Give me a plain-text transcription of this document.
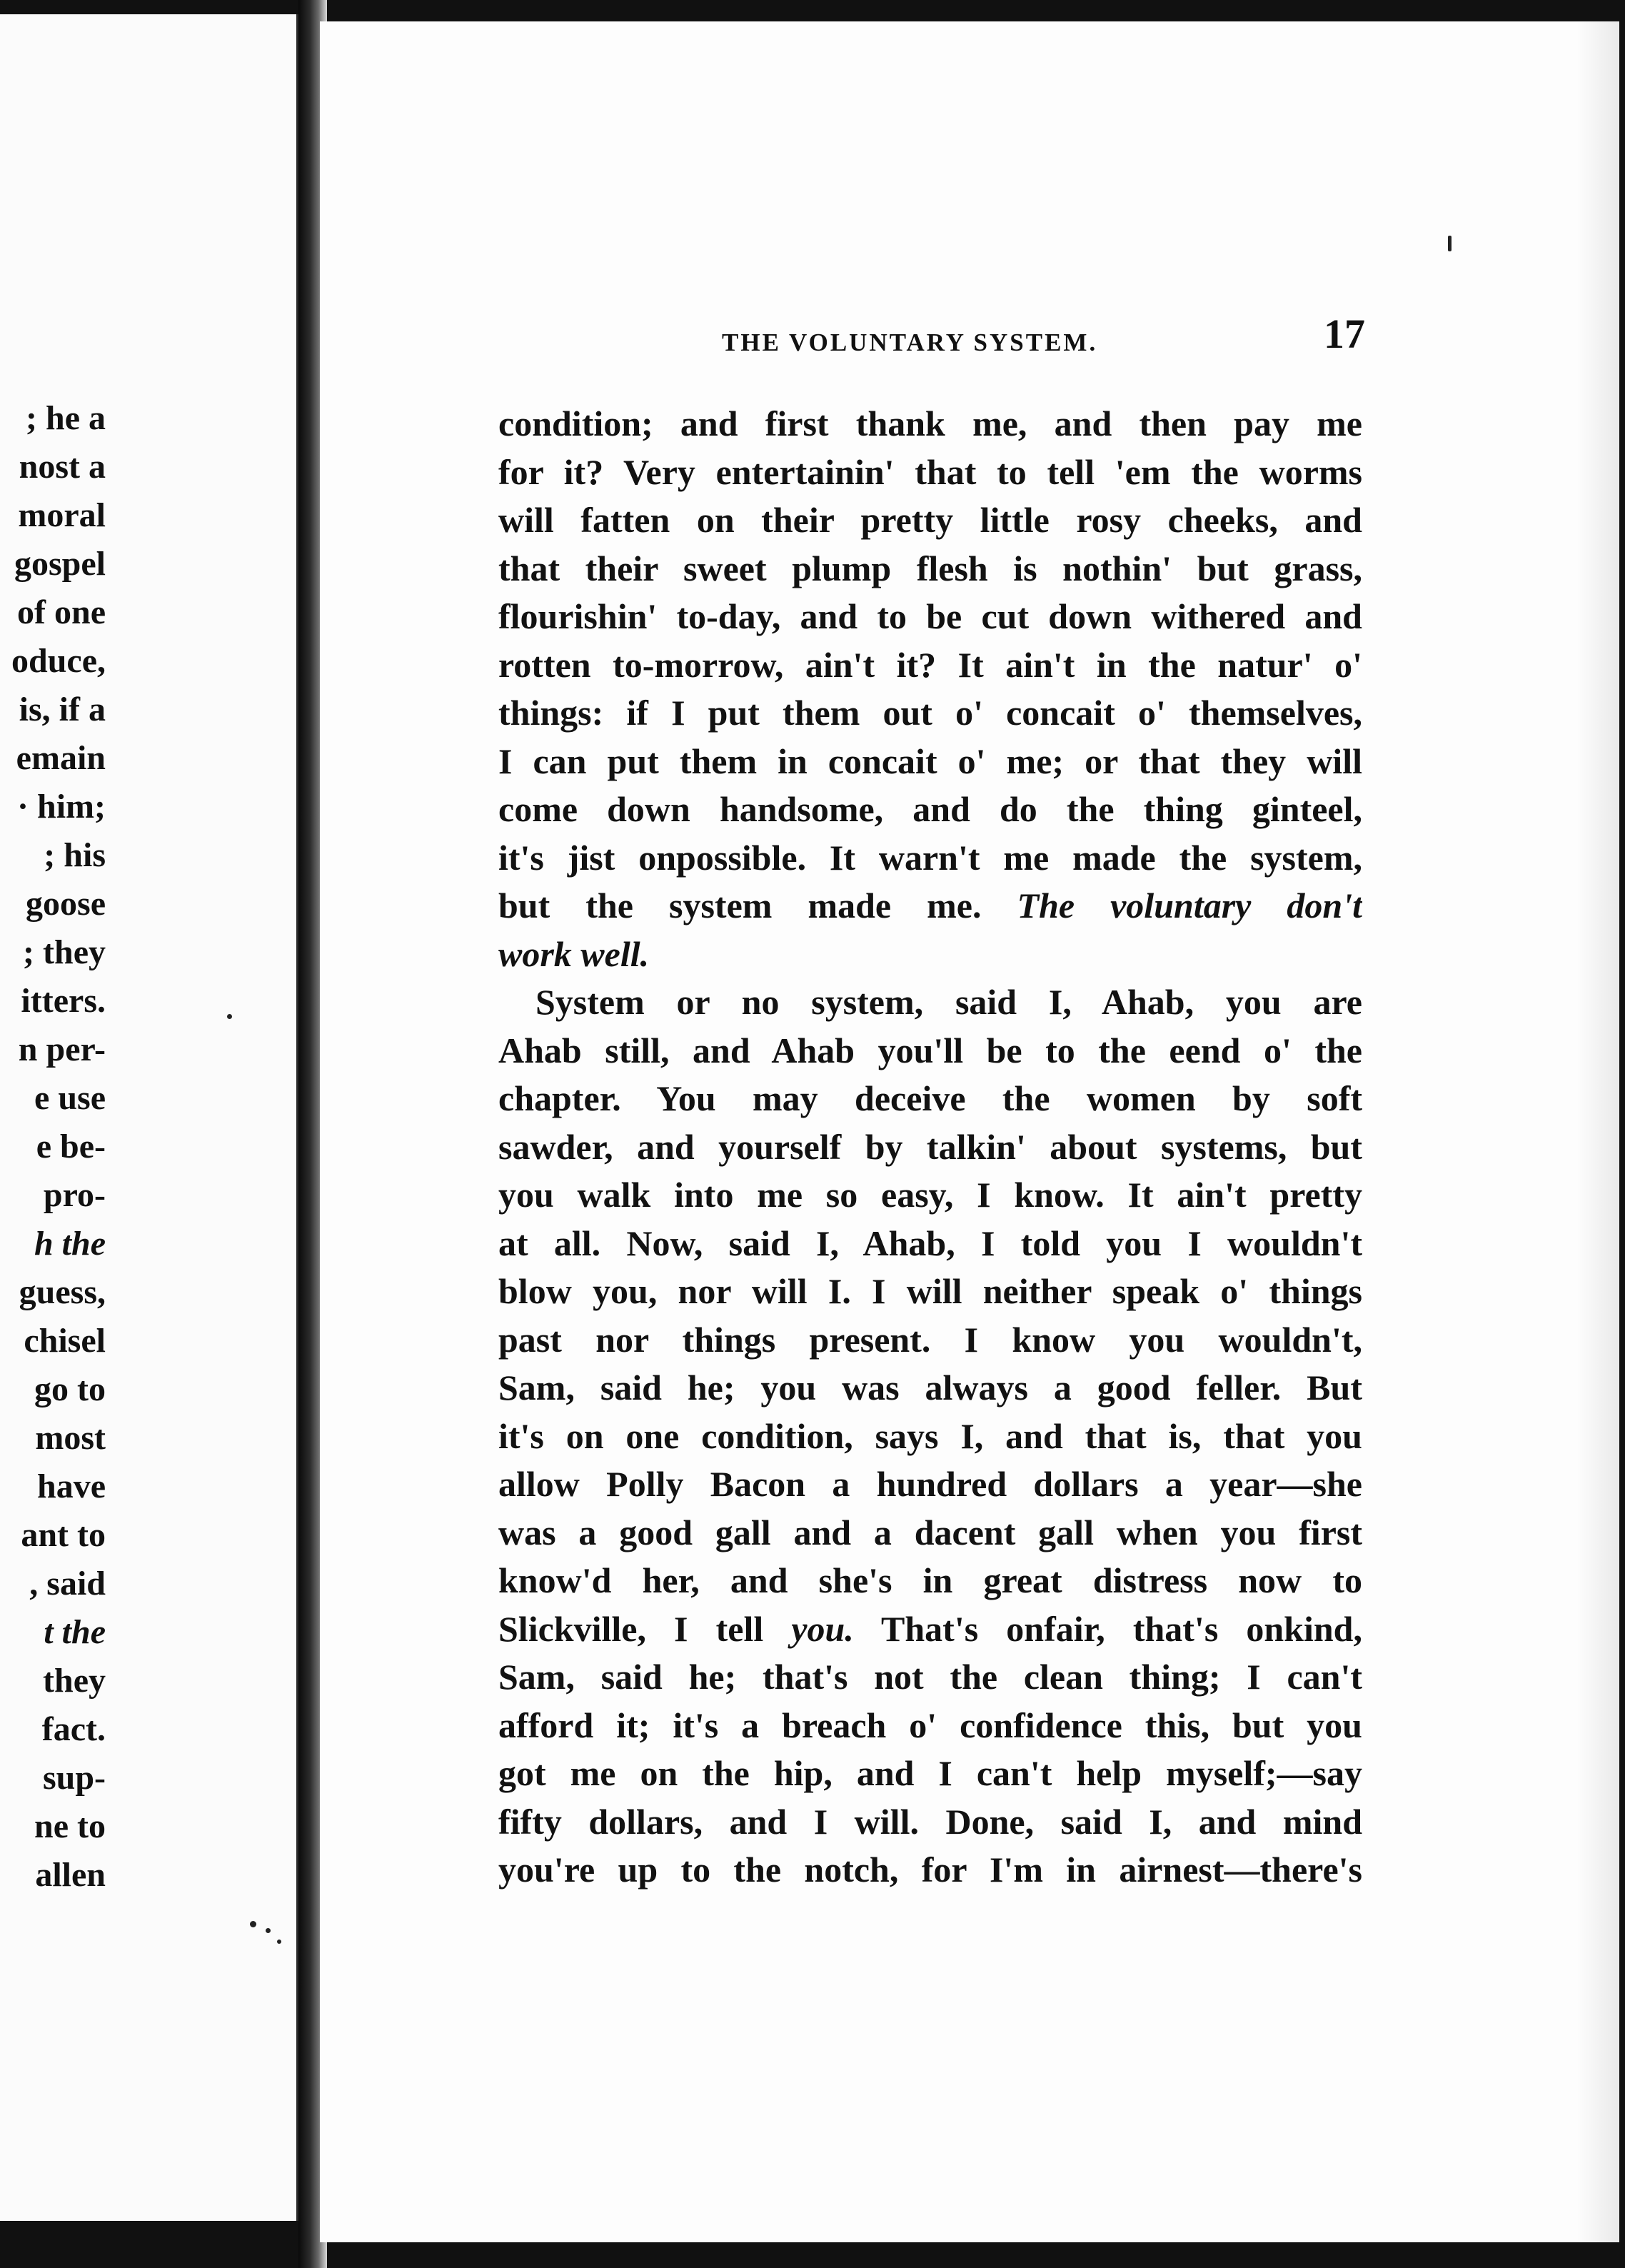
; he a
nost a
moral
gospel
of one
oduce,
is, if a
emain
· him;
; his
goose
; they
itters.
n per-
e use
e be-
pro-
h the
guess,
chisel
go to
most
have
ant to
, said
t the
they
fact.
sup-
ne to
allen
THE VOLUNTARY SYSTEM.	17
condition; and first thank me, and then pay me
for it? Very entertainin' that to tell 'em the worms
will fatten on their pretty little rosy cheeks, and
that their sweet plump flesh is nothin' but grass,
flourishin' to-day, and to be cut down withered and
rotten to-morrow, ain't it? It ain't in the natur' o'
things: if I put them out o' concait o' themselves,
I can put them in concait o' me; or that they will
come down handsome, and do the thing ginteel,
it's jist onpossible. It warn't me made the system,
but the system made me. The voluntary don't
work well.
System or no system, said I, Ahab, you are
Ahab still, and Ahab you'll be to the eend o' the
chapter. You may deceive the women by soft
sawder, and yourself by talkin' about systems, but
you walk into me so easy, I know. It ain't pretty
at all. Now, said I, Ahab, I told you I wouldn't
blow you, nor will I. I will neither speak o' things
past nor things present. I know you wouldn't,
Sam, said he; you was always a good feller. But
it's on one condition, says I, and that is, that you
allow Polly Bacon a hundred dollars a year—she
was a good gall and a dacent gall when you first
know'd her, and she's in great distress now to
Slickville, I tell you. That's onfair, that's onkind,
Sam, said he; that's not the clean thing; I can't
afford it; it's a breach o' confidence this, but you
got me on the hip, and I can't help myself;—say
fifty dollars, and I will. Done, said I, and mind
you're up to the notch, for I'm in airnest—there's
